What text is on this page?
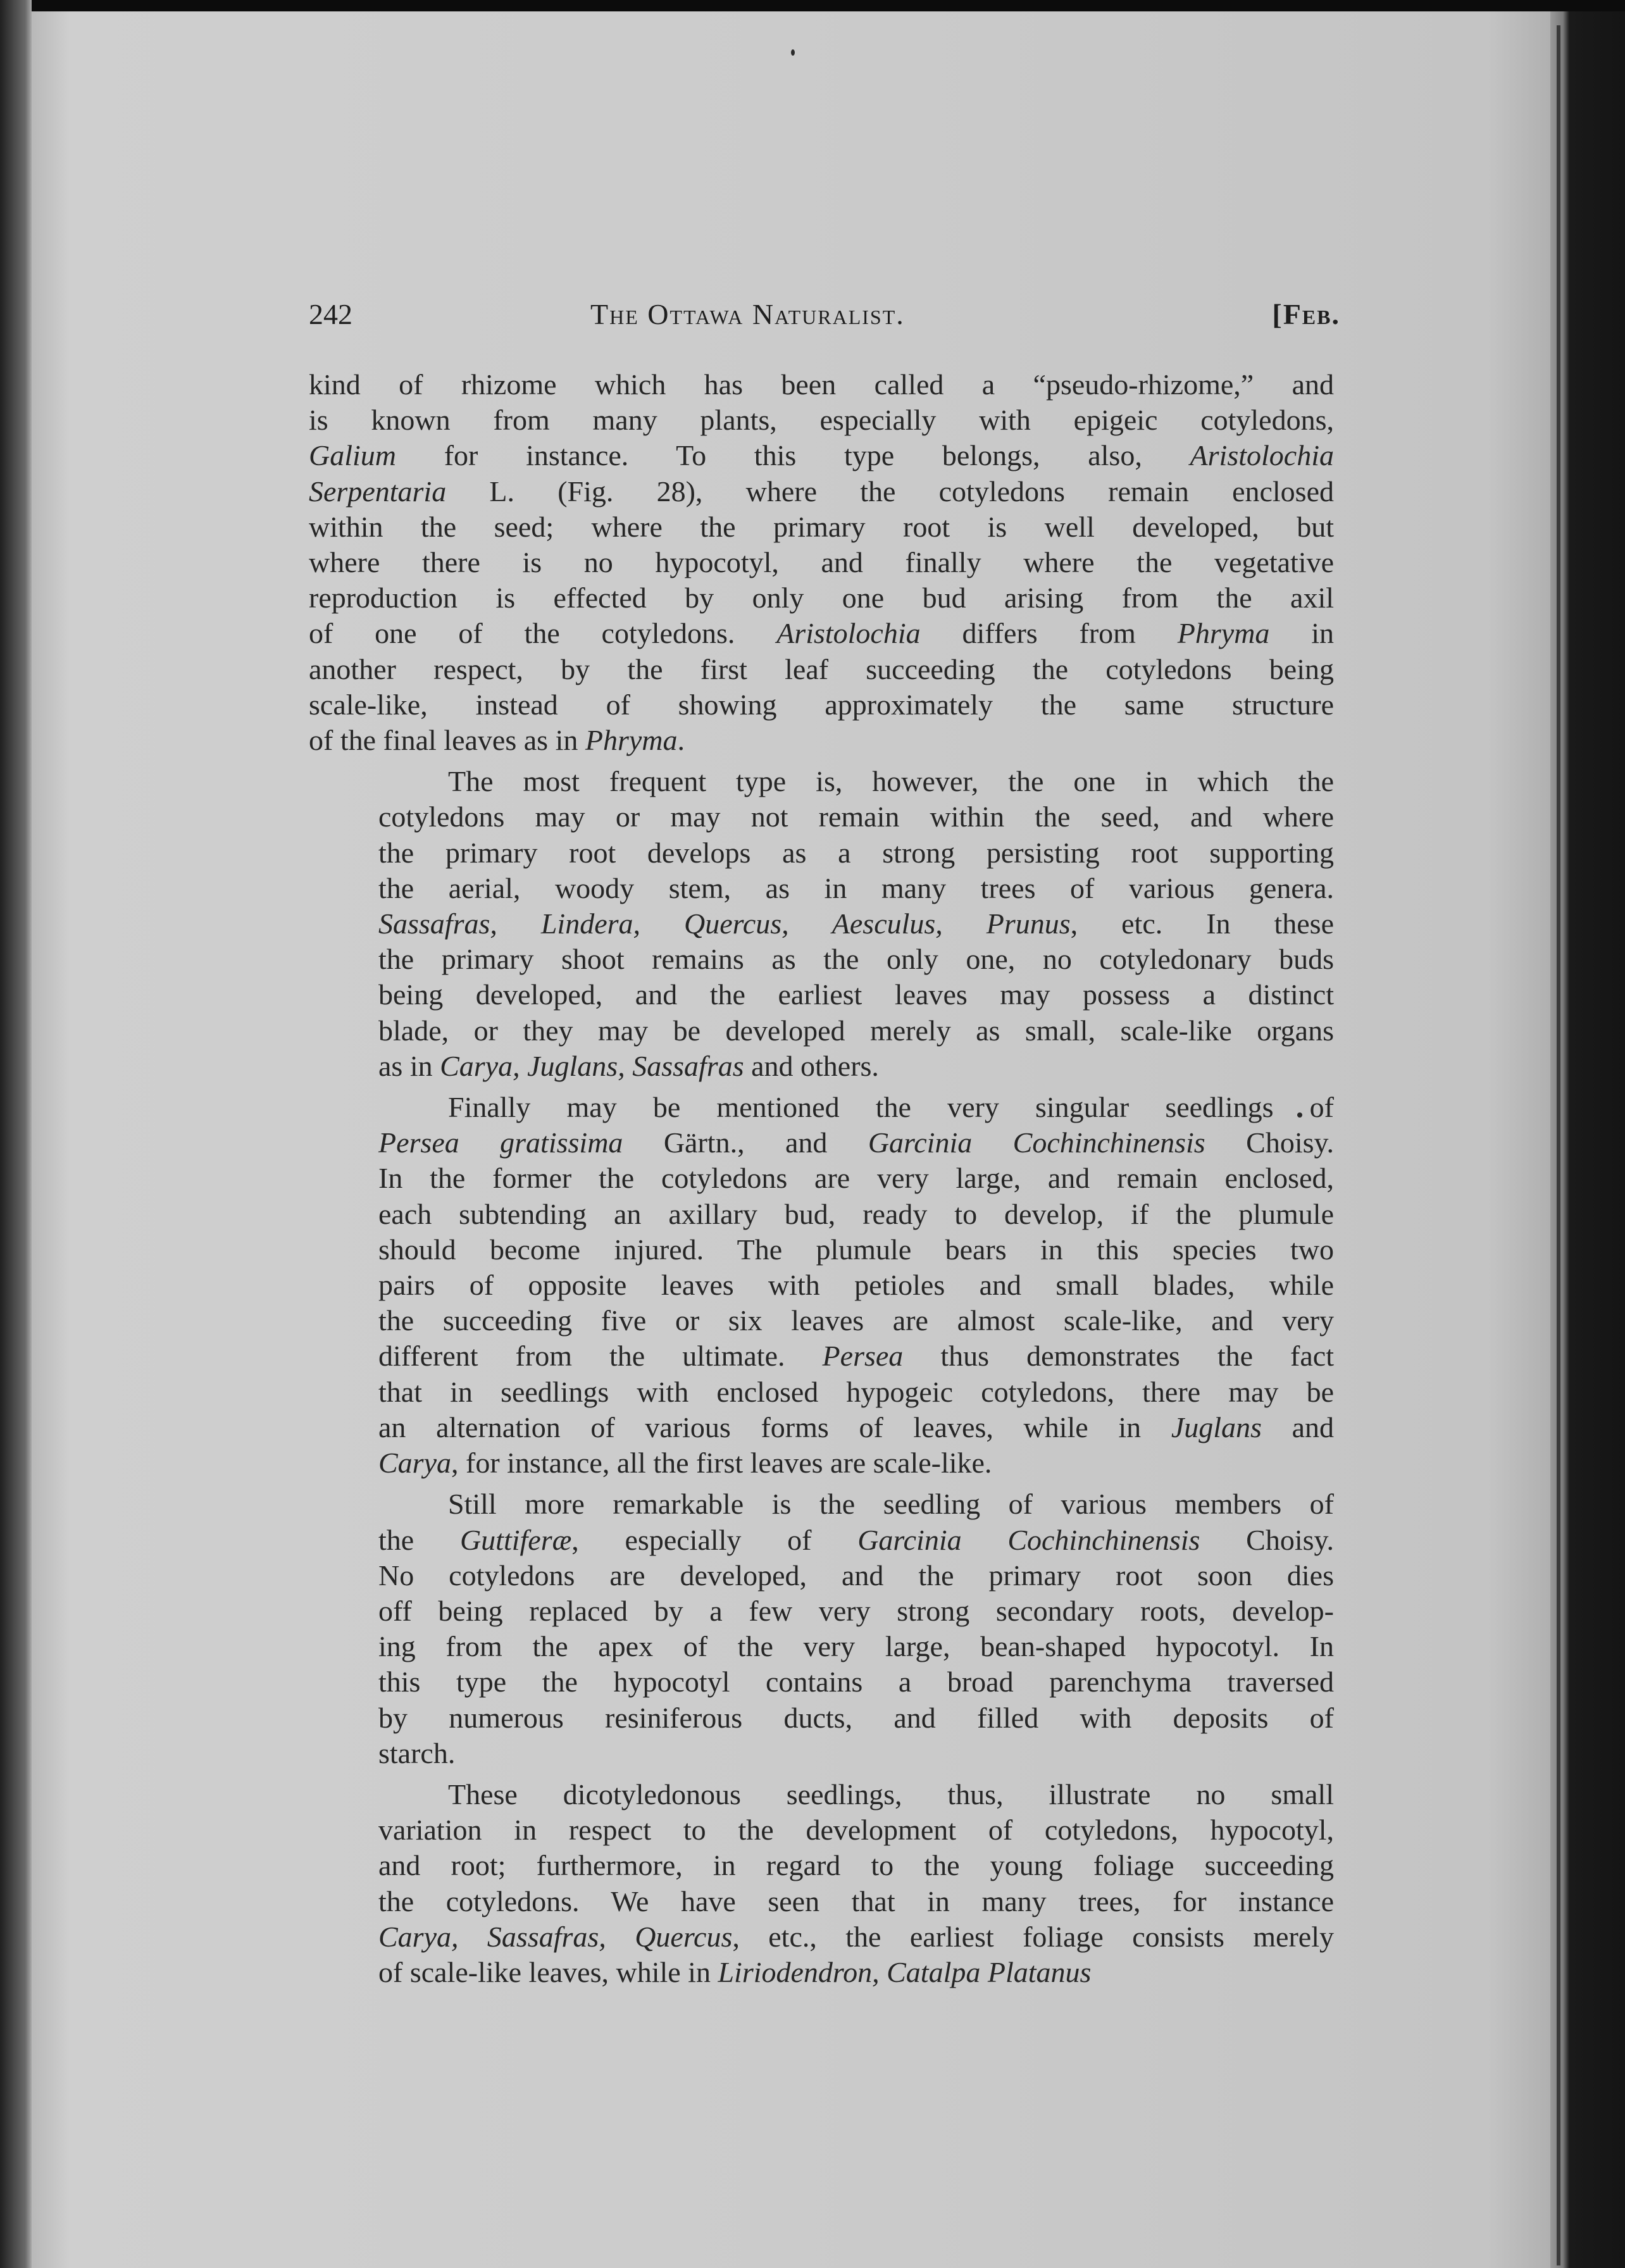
242	The Ottawa Naturalist.	[Feb.
kind of rhizome which has been called a “pseudo-rhizome,” and
is known from many plants, especially with epigeic cotyledons,
Galium for instance. To this type belongs, also, Aristolochia
Serpentaria L. (Fig. 28), where the cotyledons remain enclosed
within the seed; where the primary root is well developed, but
where there is no hypocotyl, and finally where the vegetative
reproduction is effected by only one bud arising from the axil
of one of the cotyledons. Aristolochia differs from Phryma in
another respect, by the first leaf succeeding the cotyledons being
scale-like, instead of showing approximately the same structure
of the final leaves as in Phryma.
The most frequent type is, however, the one in which the
cotyledons may or may not remain within the seed, and where
the primary root develops as a strong persisting root supporting
the aerial, woody stem, as in many trees of various genera.
Sassafras, Lindera, Quercus, Aesculus, Prunus, etc. In these
the primary shoot remains as the only one, no cotyledonary buds
being developed, and the earliest leaves may possess a distinct
blade, or they may be developed merely as small, scale-like organs
as in Carya, Juglans, Sassafras and others.
Finally may be mentioned the very singular seedlings of
Persea gratissima Gärtn., and Garcinia Cochinchinensis Choisy.
In the former the cotyledons are very large, and remain enclosed,
each subtending an axillary bud, ready to develop, if the plumule
should become injured. The plumule bears in this species two
pairs of opposite leaves with petioles and small blades, while
the succeeding five or six leaves are almost scale-like, and very
different from the ultimate. Persea thus demonstrates the fact
that in seedlings with enclosed hypogeic cotyledons, there may be
an alternation of various forms of leaves, while in Juglans and
Carya, for instance, all the first leaves are scale-like.
Still more remarkable is the seedling of various members of
the Guttiferæ, especially of Garcinia Cochinchinensis Choisy.
No cotyledons are developed, and the primary root soon dies
off being replaced by a few very strong secondary roots, develop-
ing from the apex of the very large, bean-shaped hypocotyl. In
this type the hypocotyl contains a broad parenchyma traversed
by numerous resiniferous ducts, and filled with deposits of
starch.
These dicotyledonous seedlings, thus, illustrate no small
variation in respect to the development of cotyledons, hypocotyl,
and root; furthermore, in regard to the young foliage succeeding
the cotyledons. We have seen that in many trees, for instance
Carya, Sassafras, Quercus, etc., the earliest foliage consists merely
of scale-like leaves, while in Liriodendron, Catalpa Platanus
